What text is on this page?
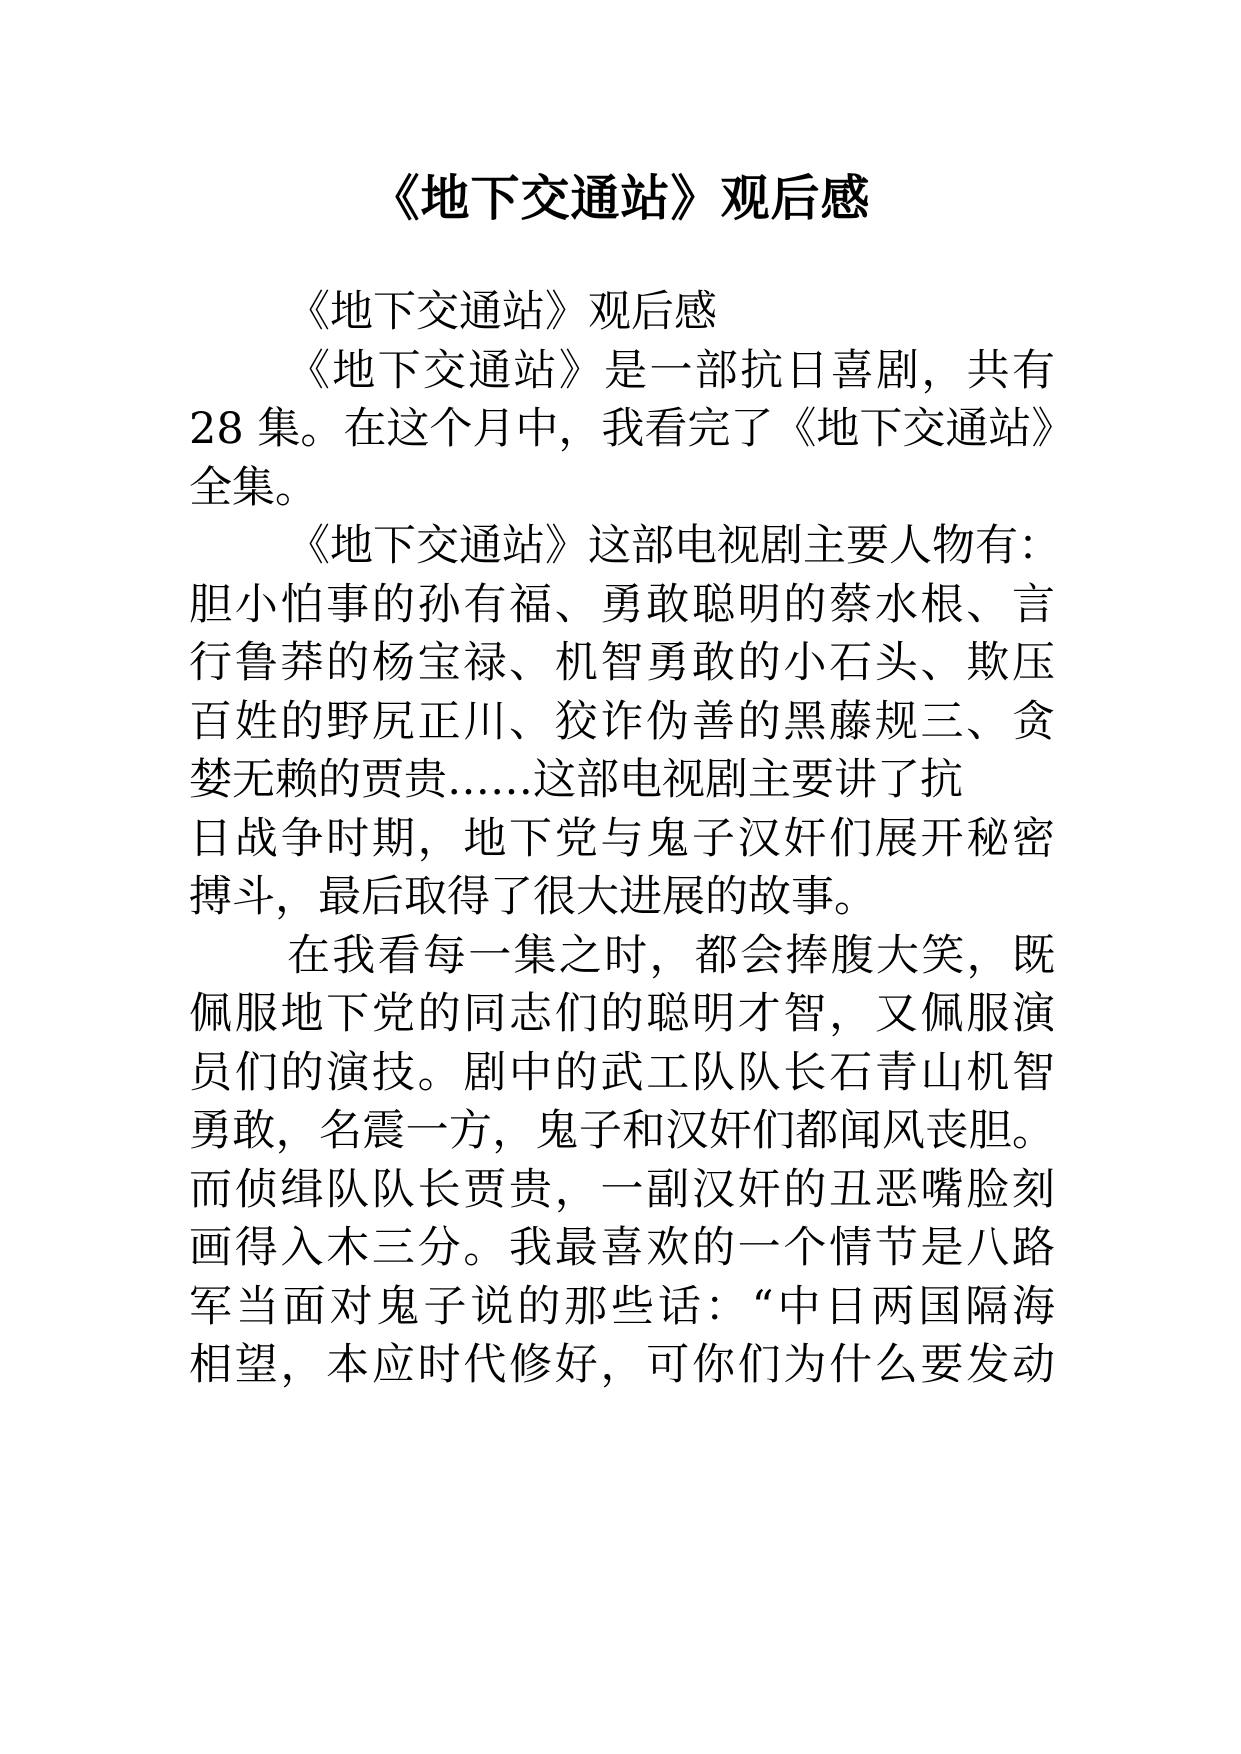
《地下交通站》观后感
《地下交通站》观后感
《地下交通站》是一部抗日喜剧，共有
28 集。在这个月中，我看完了《地下交通站》
全集。
《地下交通站》这部电视剧主要人物有：
胆小怕事的孙有福、勇敢聪明的蔡水根、言
行鲁莽的杨宝禄、机智勇敢的小石头、欺压
百姓的野尻正川、狡诈伪善的黑藤规三、贪
婪无赖的贾贵……这部电视剧主要讲了抗
日战争时期，地下党与鬼子汉奸们展开秘密
搏斗，最后取得了很大进展的故事。
在我看每一集之时，都会捧腹大笑，既
佩服地下党的同志们的聪明才智，又佩服演
员们的演技。剧中的武工队队长石青山机智
勇敢，名震一方，鬼子和汉奸们都闻风丧胆。
而侦缉队队长贾贵，一副汉奸的丑恶嘴脸刻
画得入木三分。我最喜欢的一个情节是八路
军当面对鬼子说的那些话：“中日两国隔海
相望，本应时代修好，可你们为什么要发动
